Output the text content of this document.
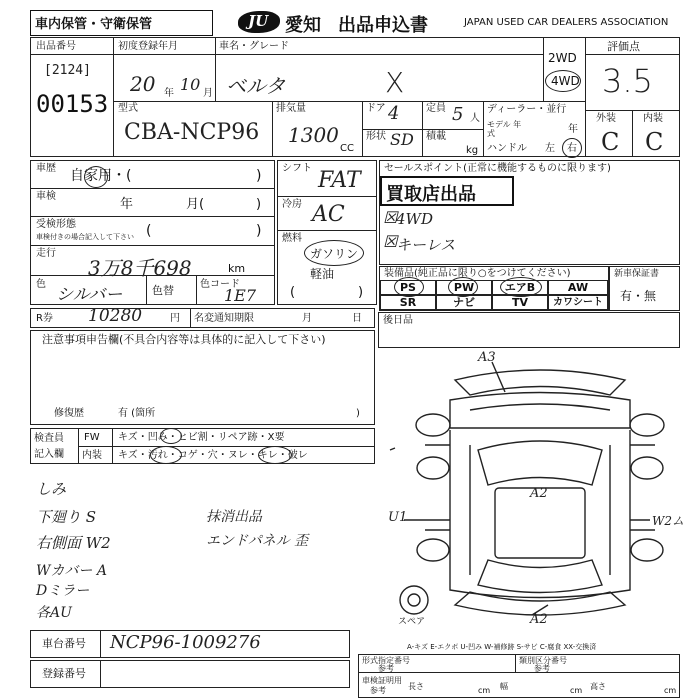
車内保管・守衛保管	JU 愛知 出品申込書	JAPAN USED CAR DEALERS ASSOCIATION
出品番号
[2124]
00153
初度登録年月
20 年 10 月
車名・グレード
ベルタ	X
2WD
4WD
評価点
3.5
外装	内装
C C
型式
CBA-NCP96
排気量
1300
CC
ドア 4
形状 SD
定員 5 人
積載
kg
ディーラー・並行
モデル 年式	年
ハンドル 左 右
車歴 自家用・(	)
車検
年	月(	)
受検形態
車検付きの場合記入して下さい (	)
走行
3万8千698	km
色
シルバー	色替	色コード
1E7
シフト FAT
冷房 AC
燃料
ガソリン
軽油
(	)
セールスポイント(正常に機能するものに限ります)
買取店出品
4WD
キーレス
☒
☒
装備品(純正品に限り○をつけてください)
PS	PW	エアB	AW
SR	ナビ	TV	カワシート
新車保証書
有・無
R券 10280	円 名変通知期限	月	日
注意事項申告欄(不具合内容等は具体的に記入して下さい)
修復歴	有 (箇所	)
後日品
検査員
記入欄
FW キズ・凹み・ヒビ割・リペア跡・X要
内装 キズ・汚れ・コゲ・穴・ヌレ・キレ・破レ
しみ
下廻り S
右側面 W2
Wカバー A
Dミラー
各AU
抹消出品
エンドパネル 歪
A3
A2
U1	W2ム
A2
スペア
A-キズ E-エクボ U-凹み W-補修跡 S-サビ C-腐食 XX-交換済
車台番号 NCP96-1009276
登録番号
形式指定番号
参考
類別区分番号
参考
車検証明用
参考	長さ	cm 幅	cm 高さ	cm
